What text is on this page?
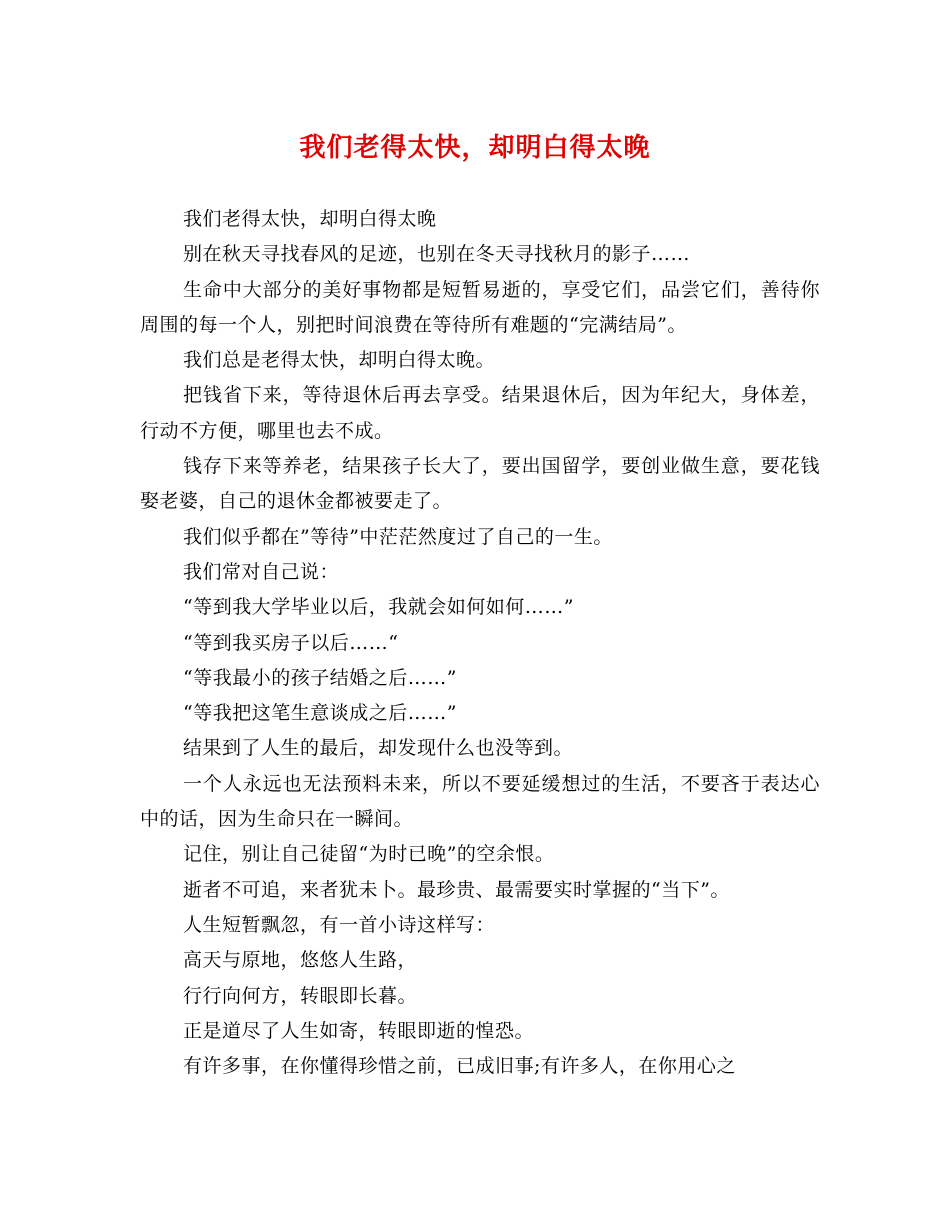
我们老得太快，却明白得太晚

我们老得太快，却明白得太晚

别在秋天寻找春风的足迹，也别在冬天寻找秋月的影子……

生命中大部分的美好事物都是短暂易逝的，享受它们，品尝它们，善待你周围的每一个人，别把时间浪费在等待所有难题的“完满结局”。

我们总是老得太快，却明白得太晚。

把钱省下来，等待退休后再去享受。结果退休后，因为年纪大，身体差，行动不方便，哪里也去不成。

钱存下来等养老，结果孩子长大了，要出国留学，要创业做生意，要花钱娶老婆，自己的退休金都被要走了。

我们似乎都在”等待”中茫茫然度过了自己的一生。

我们常对自己说：

“等到我大学毕业以后，我就会如何如何……”

“等到我买房子以后……“

“等我最小的孩子结婚之后……”

“等我把这笔生意谈成之后……”

结果到了人生的最后，却发现什么也没等到。

一个人永远也无法预料未来，所以不要延缓想过的生活，不要吝于表达心中的话，因为生命只在一瞬间。

记住，别让自己徒留“为时已晚”的空余恨。

逝者不可追，来者犹未卜。最珍贵、最需要实时掌握的“当下”。

人生短暂飘忽，有一首小诗这样写：

高天与原地，悠悠人生路，

行行向何方，转眼即长暮。

正是道尽了人生如寄，转眼即逝的惶恐。

有许多事，在你懂得珍惜之前，已成旧事;有许多人，在你用心之
